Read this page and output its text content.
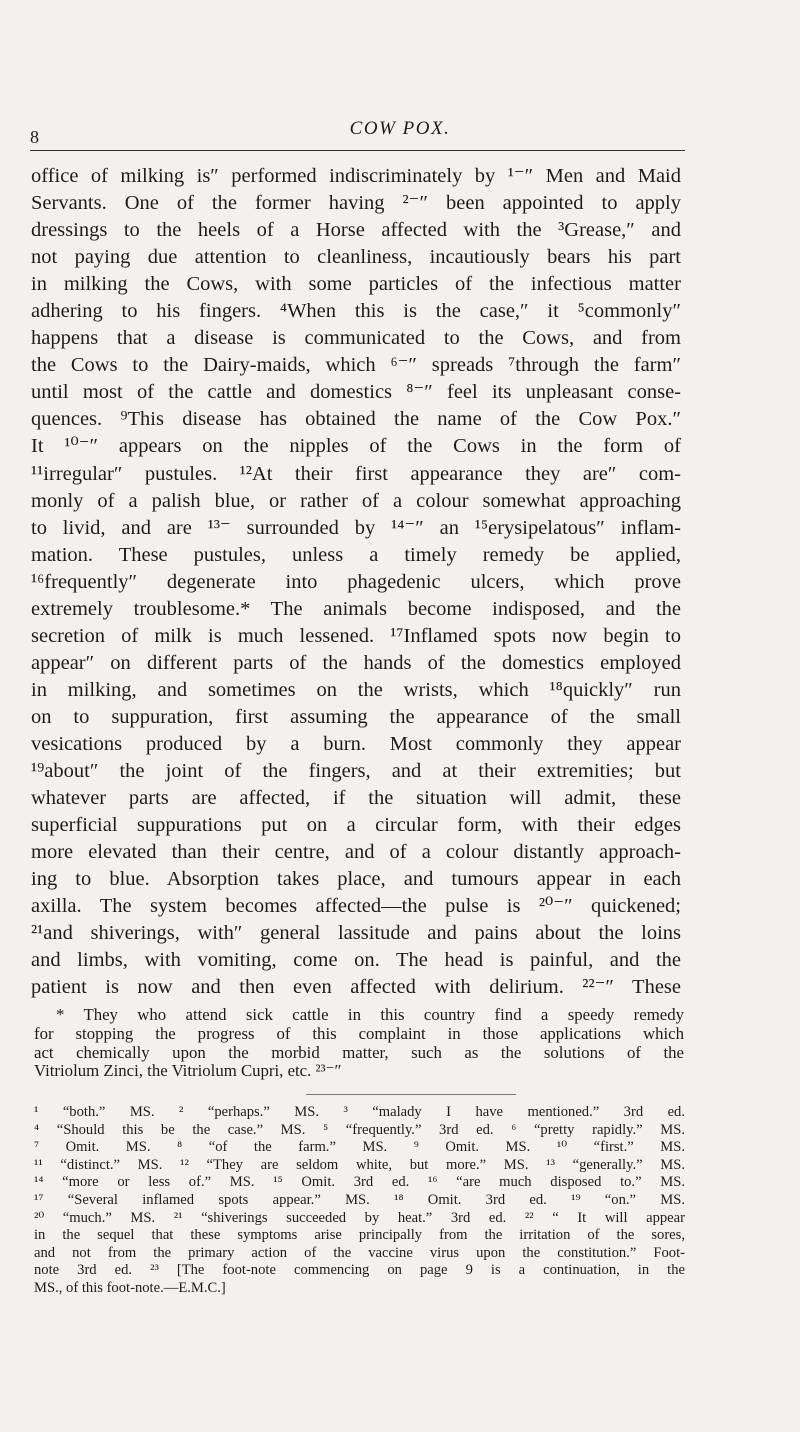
8	COW POX.
office of milking is″ performed indiscriminately by ¹⁻″ Men and Maid
Servants. One of the former having ²⁻″ been appointed to apply
dressings to the heels of a Horse affected with the ³Grease,″ and
not paying due attention to cleanliness, incautiously bears his part
in milking the Cows, with some particles of the infectious matter
adhering to his fingers. ⁴When this is the case,″ it ⁵commonly″
happens that a disease is communicated to the Cows, and from
the Cows to the Dairy-maids, which ⁶⁻″ spreads ⁷through the farm″
until most of the cattle and domestics ⁸⁻″ feel its unpleasant conse-
quences. ⁹This disease has obtained the name of the Cow Pox.″
It ¹⁰⁻″ appears on the nipples of the Cows in the form of
¹¹irregular″ pustules. ¹²At their first appearance they are″ com-
monly of a palish blue, or rather of a colour somewhat approaching
to livid, and are ¹³⁻ surrounded by ¹⁴⁻″ an ¹⁵erysipelatous″ inflam-
mation. These pustules, unless a timely remedy be applied,
¹⁶frequently″ degenerate into phagedenic ulcers, which prove
extremely troublesome.* The animals become indisposed, and the
secretion of milk is much lessened. ¹⁷Inflamed spots now begin to
appear″ on different parts of the hands of the domestics employed
in milking, and sometimes on the wrists, which ¹⁸quickly″ run
on to suppuration, first assuming the appearance of the small
vesications produced by a burn. Most commonly they appear
¹⁹about″ the joint of the fingers, and at their extremities; but
whatever parts are affected, if the situation will admit, these
superficial suppurations put on a circular form, with their edges
more elevated than their centre, and of a colour distantly approach-
ing to blue. Absorption takes place, and tumours appear in each
axilla. The system becomes affected—the pulse is ²⁰⁻″ quickened;
²¹and shiverings, with″ general lassitude and pains about the loins
and limbs, with vomiting, come on. The head is painful, and the
patient is now and then even affected with delirium. ²²⁻″ These
* They who attend sick cattle in this country find a speedy remedy
for stopping the progress of this complaint in those applications which
act chemically upon the morbid matter, such as the solutions of the
Vitriolum Zinci, the Vitriolum Cupri, etc. ²³⁻″
¹ “both.” MS. ² “perhaps.” MS. ³ “malady I have mentioned.” 3rd ed.
⁴ “Should this be the case.” MS. ⁵ “frequently.” 3rd ed. ⁶ “pretty rapidly.” MS.
⁷ Omit. MS. ⁸ “of the farm.” MS. ⁹ Omit. MS. ¹⁰ “first.” MS.
¹¹ “distinct.” MS. ¹² “They are seldom white, but more.” MS. ¹³ “generally.” MS.
¹⁴ “more or less of.” MS. ¹⁵ Omit. 3rd ed. ¹⁶ “are much disposed to.” MS.
¹⁷ “Several inflamed spots appear.” MS. ¹⁸ Omit. 3rd ed. ¹⁹ “on.” MS.
²⁰ “much.” MS. ²¹ “shiverings succeeded by heat.” 3rd ed. ²² “ It will appear
in the sequel that these symptoms arise principally from the irritation of the sores,
and not from the primary action of the vaccine virus upon the constitution.” Foot-
note 3rd ed. ²³ [The foot-note commencing on page 9 is a continuation, in the
MS., of this foot-note.—E.M.C.]
